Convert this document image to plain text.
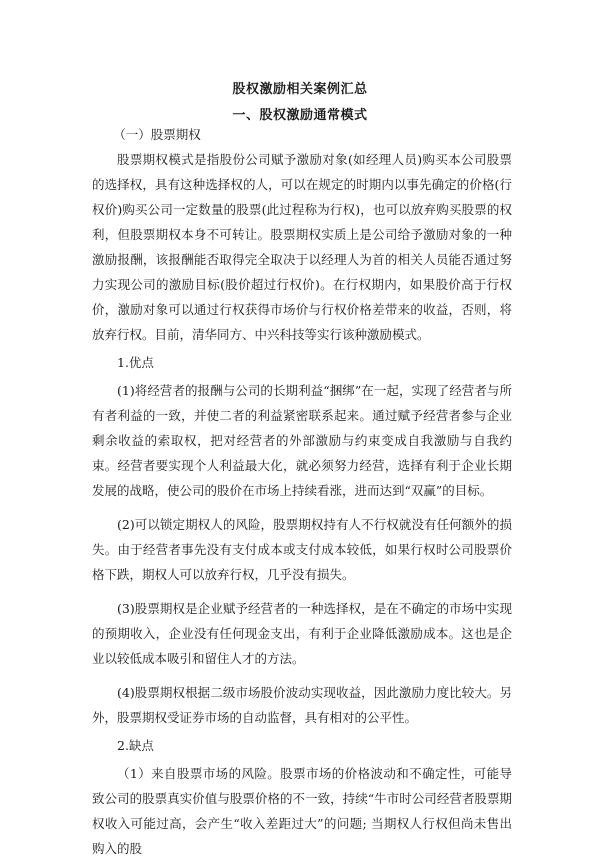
股权激励相关案例汇总
一、股权激励通常模式

（一）股票期权

股票期权模式是指股份公司赋予激励对象(如经理人员)购买本公司股票的选择权，具有这种选择权的人，可以在规定的时期内以事先确定的价格(行权价)购买公司一定数量的股票(此过程称为行权)，也可以放弃购买股票的权利，但股票期权本身不可转让。股票期权实质上是公司给予激励对象的一种激励报酬，该报酬能否取得完全取决于以经理人为首的相关人员能否通过努力实现公司的激励目标(股价超过行权价)。在行权期内，如果股价高于行权价，激励对象可以通过行权获得市场价与行权价格差带来的收益，否则，将放弃行权。目前，清华同方、中兴科技等实行该种激励模式。

1.优点

(1)将经营者的报酬与公司的长期利益“捆绑”在一起，实现了经营者与所有者利益的一致，并使二者的利益紧密联系起来。通过赋予经营者参与企业剩余收益的索取权，把对经营者的外部激励与约束变成自我激励与自我约束。经营者要实现个人利益最大化，就必须努力经营，选择有利于企业长期发展的战略，使公司的股价在市场上持续看涨，进而达到“双赢”的目标。

(2)可以锁定期权人的风险，股票期权持有人不行权就没有任何额外的损失。由于经营者事先没有支付成本或支付成本较低，如果行权时公司股票价格下跌，期权人可以放弃行权，几乎没有损失。

(3)股票期权是企业赋予经营者的一种选择权，是在不确定的市场中实现的预期收入，企业没有任何现金支出，有利于企业降低激励成本。这也是企业以较低成本吸引和留住人才的方法。

(4)股票期权根据二级市场股价波动实现收益，因此激励力度比较大。另外，股票期权受证券市场的自动监督，具有相对的公平性。

2.缺点

（1）来自股票市场的风险。股票市场的价格波动和不确定性，可能导致公司的股票真实价值与股票价格的不一致，持续“牛市时公司经营者股票期权收入可能过高，会产生“收入差距过大”的问题; 当期权人行权但尚未售出购入的股
